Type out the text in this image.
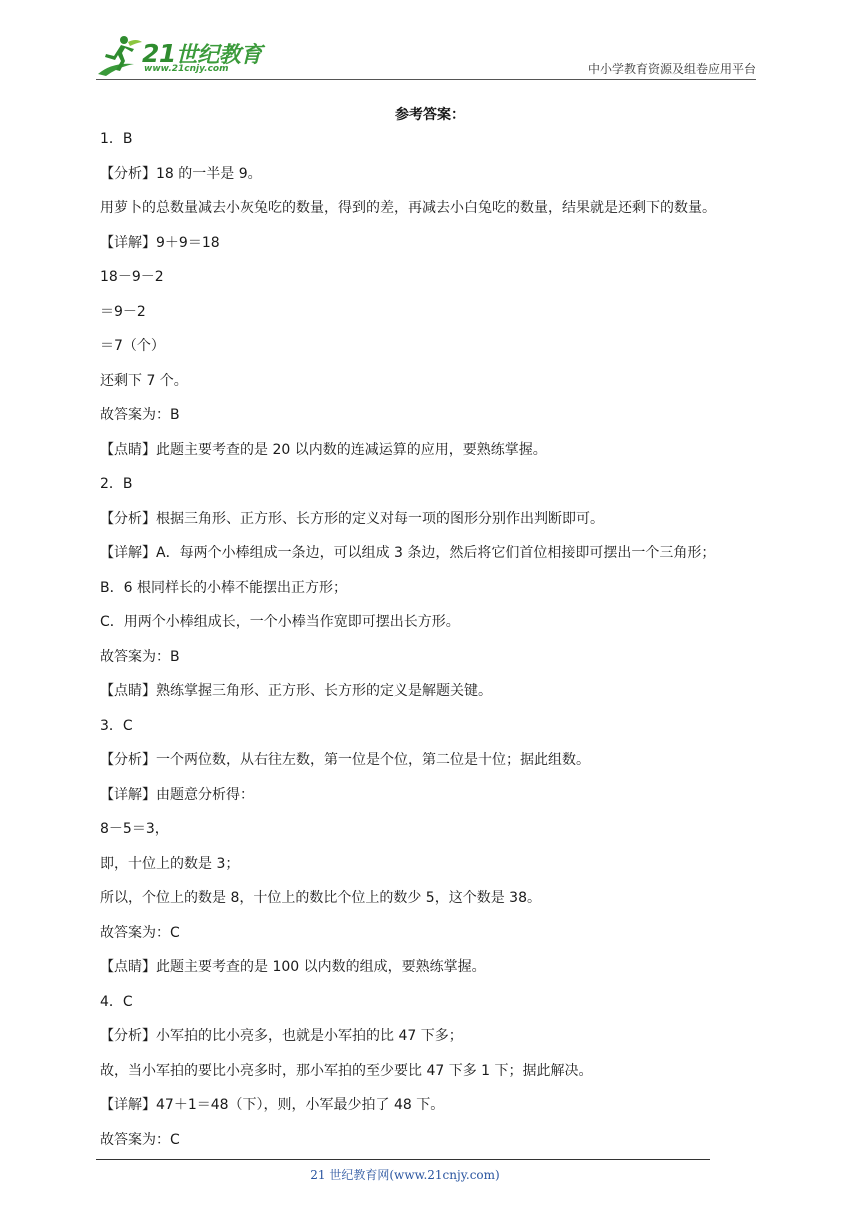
21世纪教育
www.21cnjy.com	中小学教育资源及组卷应用平台
参考答案：
1．B
【分析】18 的一半是 9。
用萝卜的总数量减去小灰兔吃的数量，得到的差，再减去小白兔吃的数量，结果就是还剩下的数量。
【详解】9＋9＝18
18－9－2
＝9－2
＝7（个）
还剩下 7 个。
故答案为：B
【点睛】此题主要考查的是 20 以内数的连减运算的应用，要熟练掌握。
2．B
【分析】根据三角形、正方形、长方形的定义对每一项的图形分别作出判断即可。
【详解】A．每两个小棒组成一条边，可以组成 3 条边，然后将它们首位相接即可摆出一个三角形；
B．6 根同样长的小棒不能摆出正方形；
C．用两个小棒组成长，一个小棒当作宽即可摆出长方形。
故答案为：B
【点睛】熟练掌握三角形、正方形、长方形的定义是解题关键。
3．C
【分析】一个两位数，从右往左数，第一位是个位，第二位是十位；据此组数。
【详解】由题意分析得：
8－5＝3，
即，十位上的数是 3；
所以，个位上的数是 8，十位上的数比个位上的数少 5，这个数是 38。
故答案为：C
【点睛】此题主要考查的是 100 以内数的组成，要熟练掌握。
4．C
【分析】小军拍的比小亮多，也就是小军拍的比 47 下多；
故，当小军拍的要比小亮多时，那小军拍的至少要比 47 下多 1 下；据此解决。
【详解】47＋1＝48（下），则，小军最少拍了 48 下。
故答案为：C
21 世纪教育网(www.21cnjy.com)
